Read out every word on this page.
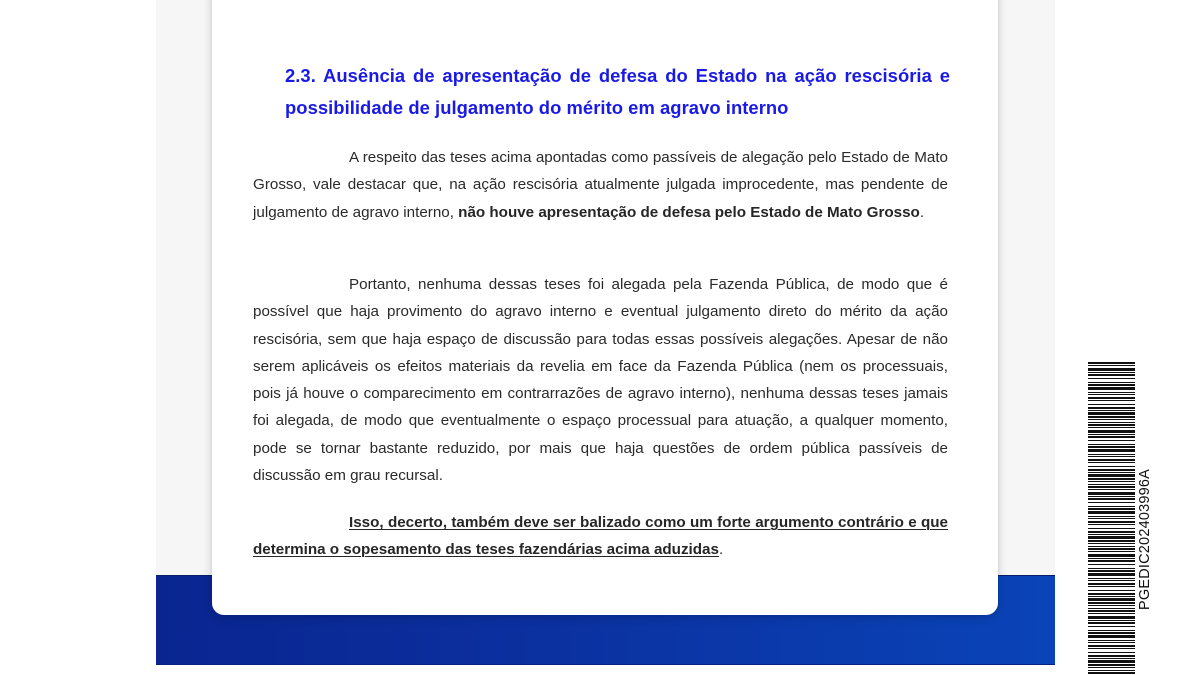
2.3. Ausência de apresentação de defesa do Estado na ação rescisória e possibilidade de julgamento do mérito em agravo interno

A respeito das teses acima apontadas como passíveis de alegação pelo Estado de Mato Grosso, vale destacar que, na ação rescisória atualmente julgada improcedente, mas pendente de julgamento de agravo interno, não houve apresentação de defesa pelo Estado de Mato Grosso.

Portanto, nenhuma dessas teses foi alegada pela Fazenda Pública, de modo que é possível que haja provimento do agravo interno e eventual julgamento direto do mérito da ação rescisória, sem que haja espaço de discussão para todas essas possíveis alegações. Apesar de não serem aplicáveis os efeitos materiais da revelia em face da Fazenda Pública (nem os processuais, pois já houve o comparecimento em contrarrazões de agravo interno), nenhuma dessas teses jamais foi alegada, de modo que eventualmente o espaço processual para atuação, a qualquer momento, pode se tornar bastante reduzido, por mais que haja questões de ordem pública passíveis de discussão em grau recursal.

Isso, decerto, também deve ser balizado como um forte argumento contrário e que determina o sopesamento das teses fazendárias acima aduzidas.	PGEDIC202403996A
